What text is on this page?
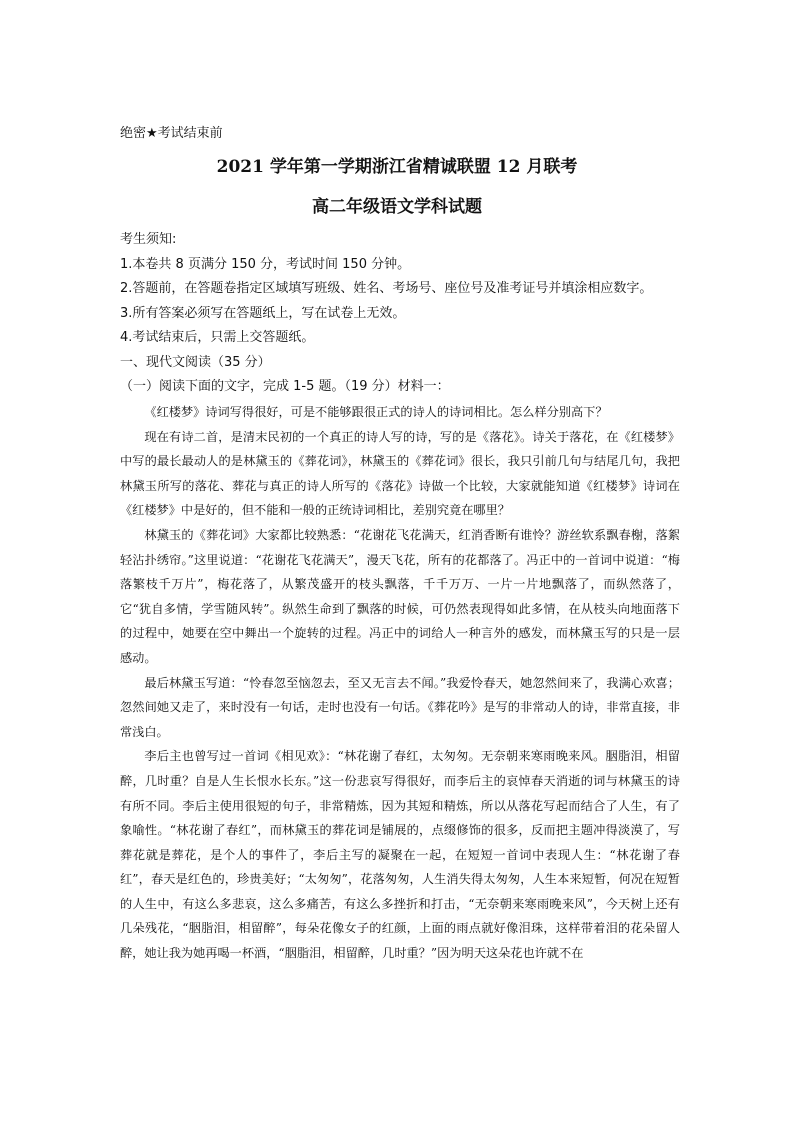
绝密★考试结束前
2021 学年第一学期浙江省精诚联盟 12 月联考
高二年级语文学科试题
考生须知:
1.本卷共 8 页满分 150 分，考试时间 150 分钟。
2.答题前，在答题卷指定区域填写班级、姓名、考场号、座位号及准考证号并填涂相应数字。
3.所有答案必须写在答题纸上，写在试卷上无效。
4.考试结束后，只需上交答题纸。
一、现代文阅读（35 分）
（一）阅读下面的文字，完成 1-5 题。（19 分）材料一：

《红楼梦》诗词写得很好，可是不能够跟很正式的诗人的诗词相比。怎么样分别高下？

现在有诗二首，是清末民初的一个真正的诗人写的诗，写的是《落花》。诗关于落花，在《红楼梦》中写的最长最动人的是林黛玉的《葬花词》，林黛玉的《葬花词》很长，我只引前几句与结尾几句，我把林黛玉所写的落花、葬花与真正的诗人所写的《落花》诗做一个比较，大家就能知道《红楼梦》诗词在《红楼梦》中是好的，但不能和一般的正统诗词相比，差别究竟在哪里？

林黛玉的《葬花词》大家都比较熟悉：“花谢花飞花满天，红消香断有谁怜？游丝软系飘春榭，落絮轻沾扑绣帘。”这里说道：“花谢花飞花满天”，漫天飞花，所有的花都落了。冯正中的一首词中说道：“梅落繁枝千万片”，梅花落了，从繁茂盛开的枝头飘落，千千万万、一片一片地飘落了，而纵然落了，它“犹自多情，学雪随风转”。纵然生命到了飘落的时候，可仍然表现得如此多情，在从枝头向地面落下的过程中，她要在空中舞出一个旋转的过程。冯正中的词给人一种言外的感发，而林黛玉写的只是一层感动。

最后林黛玉写道：“怜春忽至恼忽去，至又无言去不闻。”我爱怜春天，她忽然间来了，我满心欢喜；忽然间她又走了，来时没有一句话，走时也没有一句话。《葬花吟》是写的非常动人的诗，非常直接，非常浅白。

李后主也曾写过一首词《相见欢》：“林花谢了春红，太匆匆。无奈朝来寒雨晚来风。胭脂泪，相留醉，几时重？自是人生长恨水长东。”这一份悲哀写得很好，而李后主的哀悼春天消逝的词与林黛玉的诗有所不同。李后主使用很短的句子，非常精炼，因为其短和精炼，所以从落花写起而结合了人生，有了象喻性。“林花谢了春红”，而林黛玉的葬花词是铺展的，点缀修饰的很多，反而把主题冲得淡漠了，写葬花就是葬花，是个人的事件了，李后主写的凝聚在一起，在短短一首词中表现人生：“林花谢了春红”，春天是红色的，珍贵美好；“太匆匆”，花落匆匆，人生消失得太匆匆，人生本来短暂，何况在短暂的人生中，有这么多悲哀，这么多痛苦，有这么多挫折和打击，“无奈朝来寒雨晚来风”，今天树上还有几朵残花，“胭脂泪，相留醉”，每朵花像女子的红颜，上面的雨点就好像泪珠，这样带着泪的花朵留人醉，她让我为她再喝一杯酒，“胭脂泪，相留醉，几时重？”因为明天这朵花也许就不在
